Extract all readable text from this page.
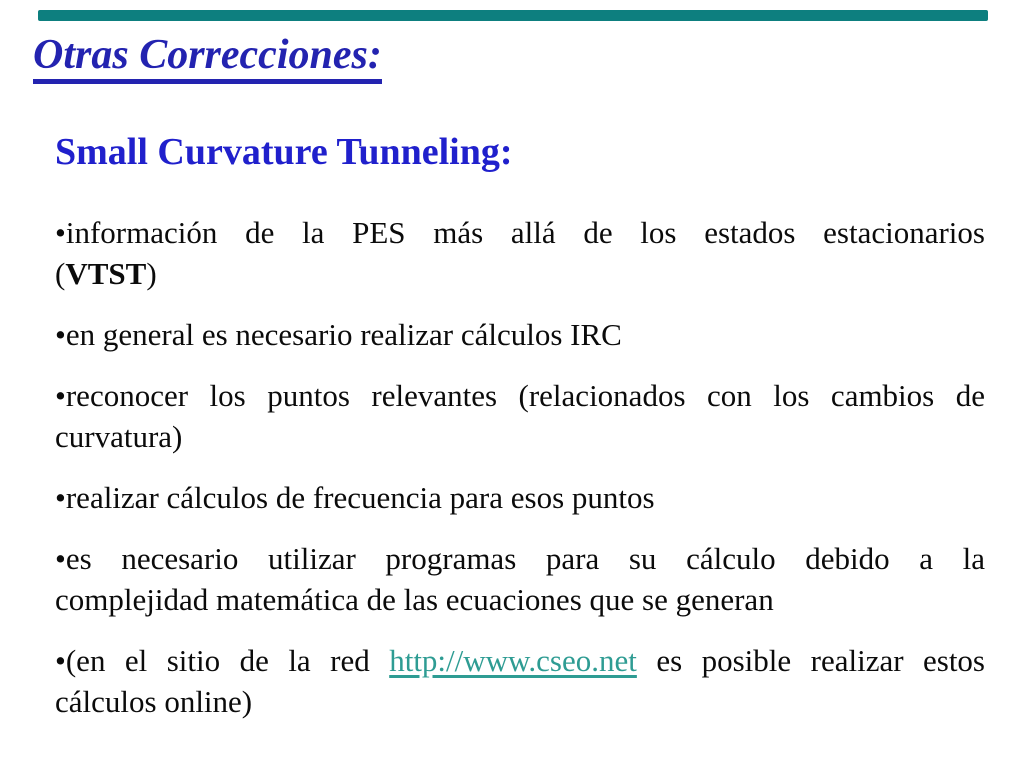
Otras Correcciones:
Small Curvature Tunneling:

•información de la PES más allá de los estados estacionarios
(VTST)

•en general es necesario realizar cálculos IRC

•reconocer los puntos relevantes (relacionados con los cambios de
curvatura)

•realizar cálculos de frecuencia para esos puntos

•es necesario utilizar programas para su cálculo debido a la
complejidad matemática de las ecuaciones que se generan

•(en el sitio de la red http://www.cseo.net es posible realizar estos
cálculos online)
